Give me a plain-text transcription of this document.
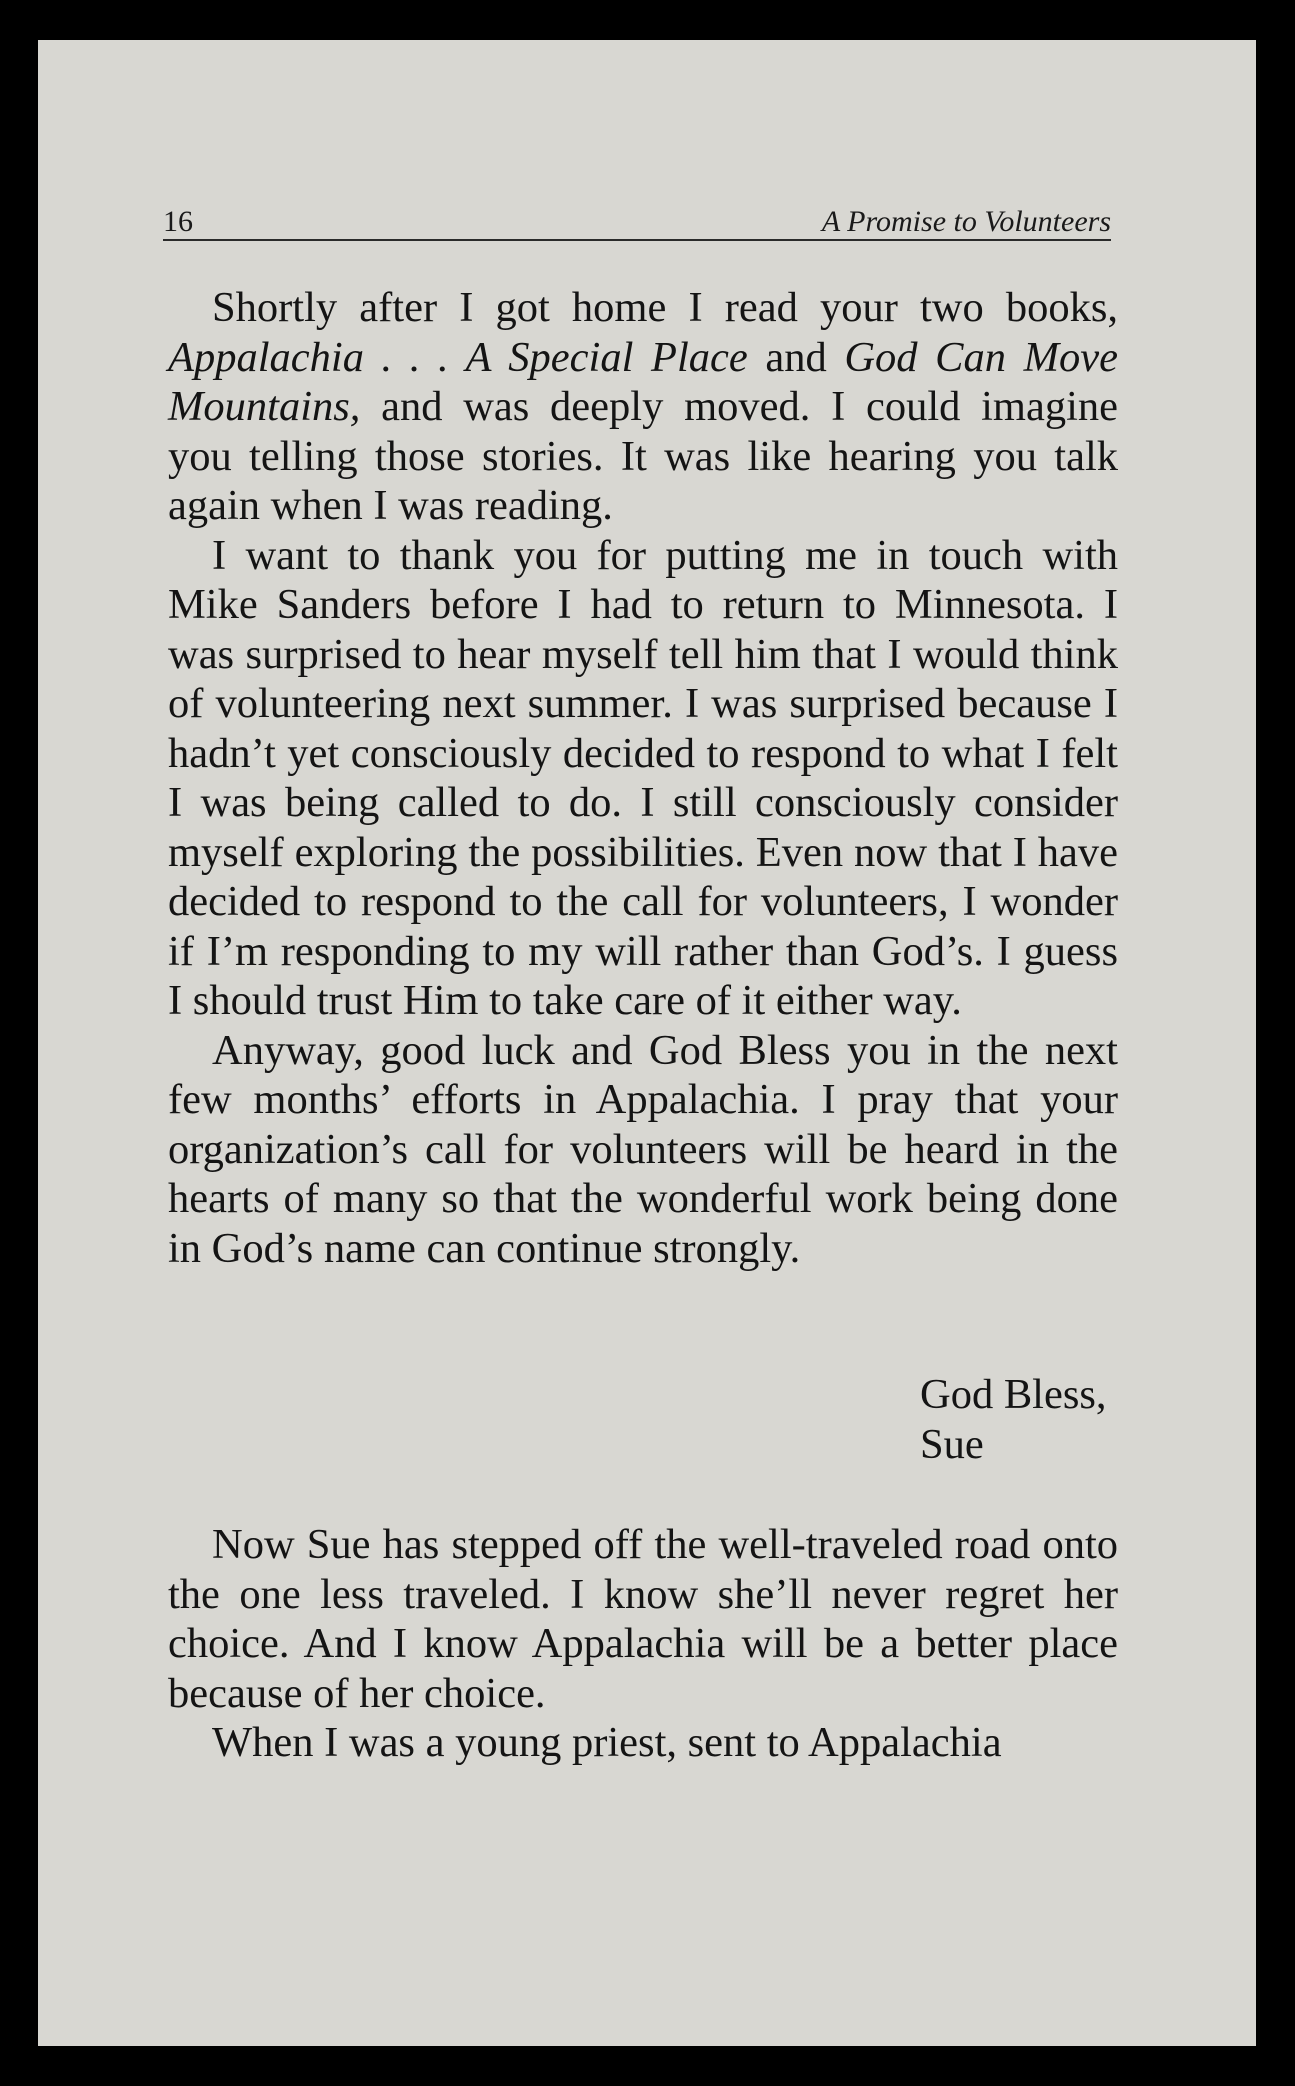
16	A Promise to Volunteers

Shortly after I got home I read your two books, Appalachia . . . A Special Place and God Can Move Mountains, and was deeply moved. I could imagine you telling those stories. It was like hearing you talk again when I was reading.

I want to thank you for putting me in touch with Mike Sanders before I had to return to Minnesota. I was surprised to hear myself tell him that I would think of volunteering next summer. I was surprised because I hadn’t yet consciously decided to respond to what I felt I was being called to do. I still consciously consider myself exploring the possibilities. Even now that I have decided to respond to the call for volunteers, I wonder if I’m responding to my will rather than God’s. I guess I should trust Him to take care of it either way.

Anyway, good luck and God Bless you in the next few months’ efforts in Appalachia. I pray that your organization’s call for volunteers will be heard in the hearts of many so that the wonderful work being done in God’s name can continue strongly.

God Bless,
Sue

Now Sue has stepped off the well-traveled road onto the one less traveled. I know she’ll never regret her choice. And I know Appalachia will be a better place because of her choice.

When I was a young priest, sent to Appalachia
